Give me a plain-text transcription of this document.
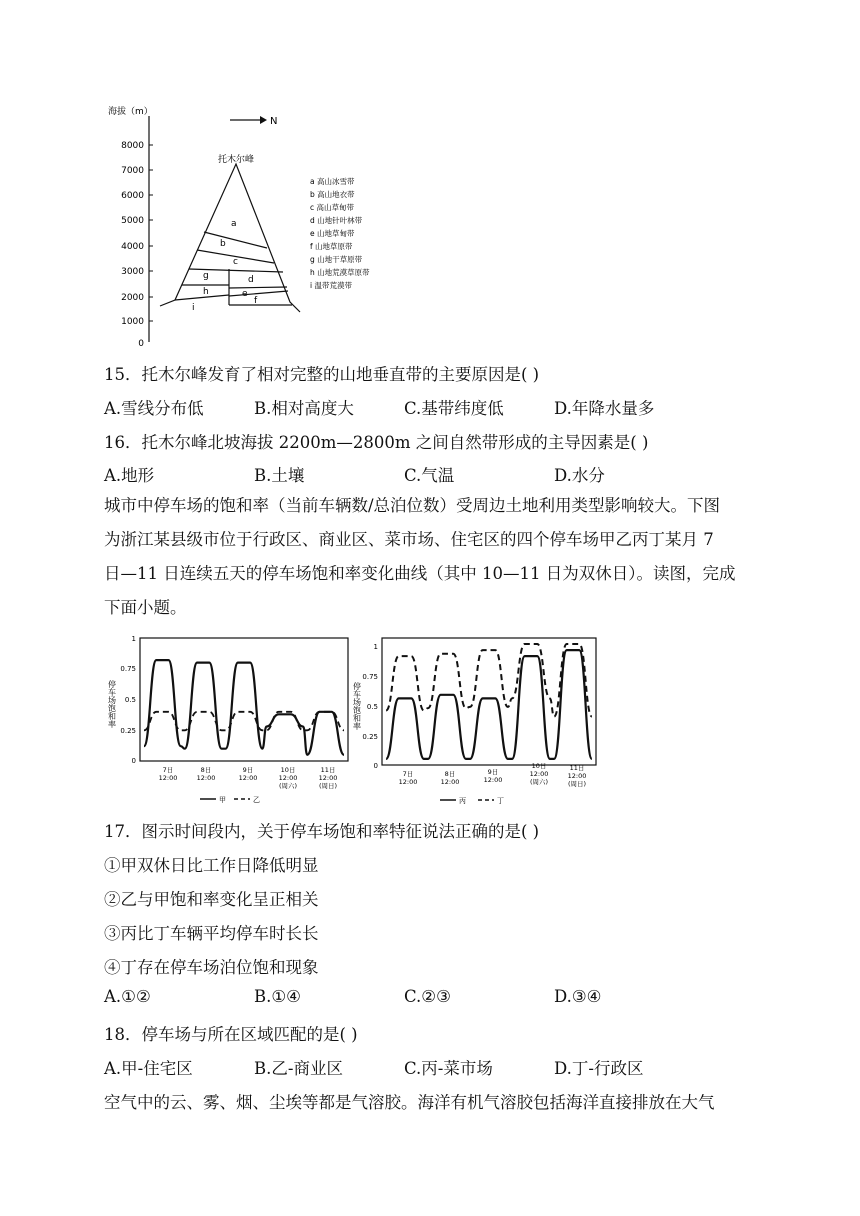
海拔（m）
8000
7000
6000
5000
4000
3000
2000
1000
0
N
托木尔峰
a
b
c
d
e
f
g
h
i
a 高山冰雪带
b 高山地衣带
c 高山草甸带
d 山地针叶林带
e 山地草甸带
f 山地草原带
g 山地干草原带
h 山地荒漠草原带
i 温带荒漠带
15．托木尔峰发育了相对完整的山地垂直带的主要原因是( )
A.雪线分布低	B.相对高度大	C.基带纬度低	D.年降水量多
16．托木尔峰北坡海拔 2200m—2800m 之间自然带形成的主导因素是( )
A.地形	B.土壤	C.气温	D.水分
城市中停车场的饱和率（当前车辆数/总泊位数）受周边土地利用类型影响较大。下图
为浙江某县级市位于行政区、商业区、菜市场、住宅区的四个停车场甲乙丙丁某月 7
日—11 日连续五天的停车场饱和率变化曲线（其中 10—11 日为双休日）。读图，完成
下面小题。
停车场饱和率
1
0.75
0.5
0.25
0
7日
12:00
8日
12:00
9日
12:00
10日
12:00
(周六)
11日
12:00
(周日)
甲	乙
停车场饱和率
1
0.75
0.5
0.25
0
7日
12:00
8日
12:00
9日
12:00
10日
12:00
(周六)
11日
12:00
(周日)
丙	丁
17．图示时间段内，关于停车场饱和率特征说法正确的是( )
①甲双休日比工作日降低明显
②乙与甲饱和率变化呈正相关
③丙比丁车辆平均停车时长长
④丁存在停车场泊位饱和现象
A.①②	B.①④	C.②③	D.③④
18．停车场与所在区域匹配的是( )
A.甲-住宅区	B.乙-商业区	C.丙-菜市场	D.丁-行政区
空气中的云、雾、烟、尘埃等都是气溶胶。海洋有机气溶胶包括海洋直接排放在大气
